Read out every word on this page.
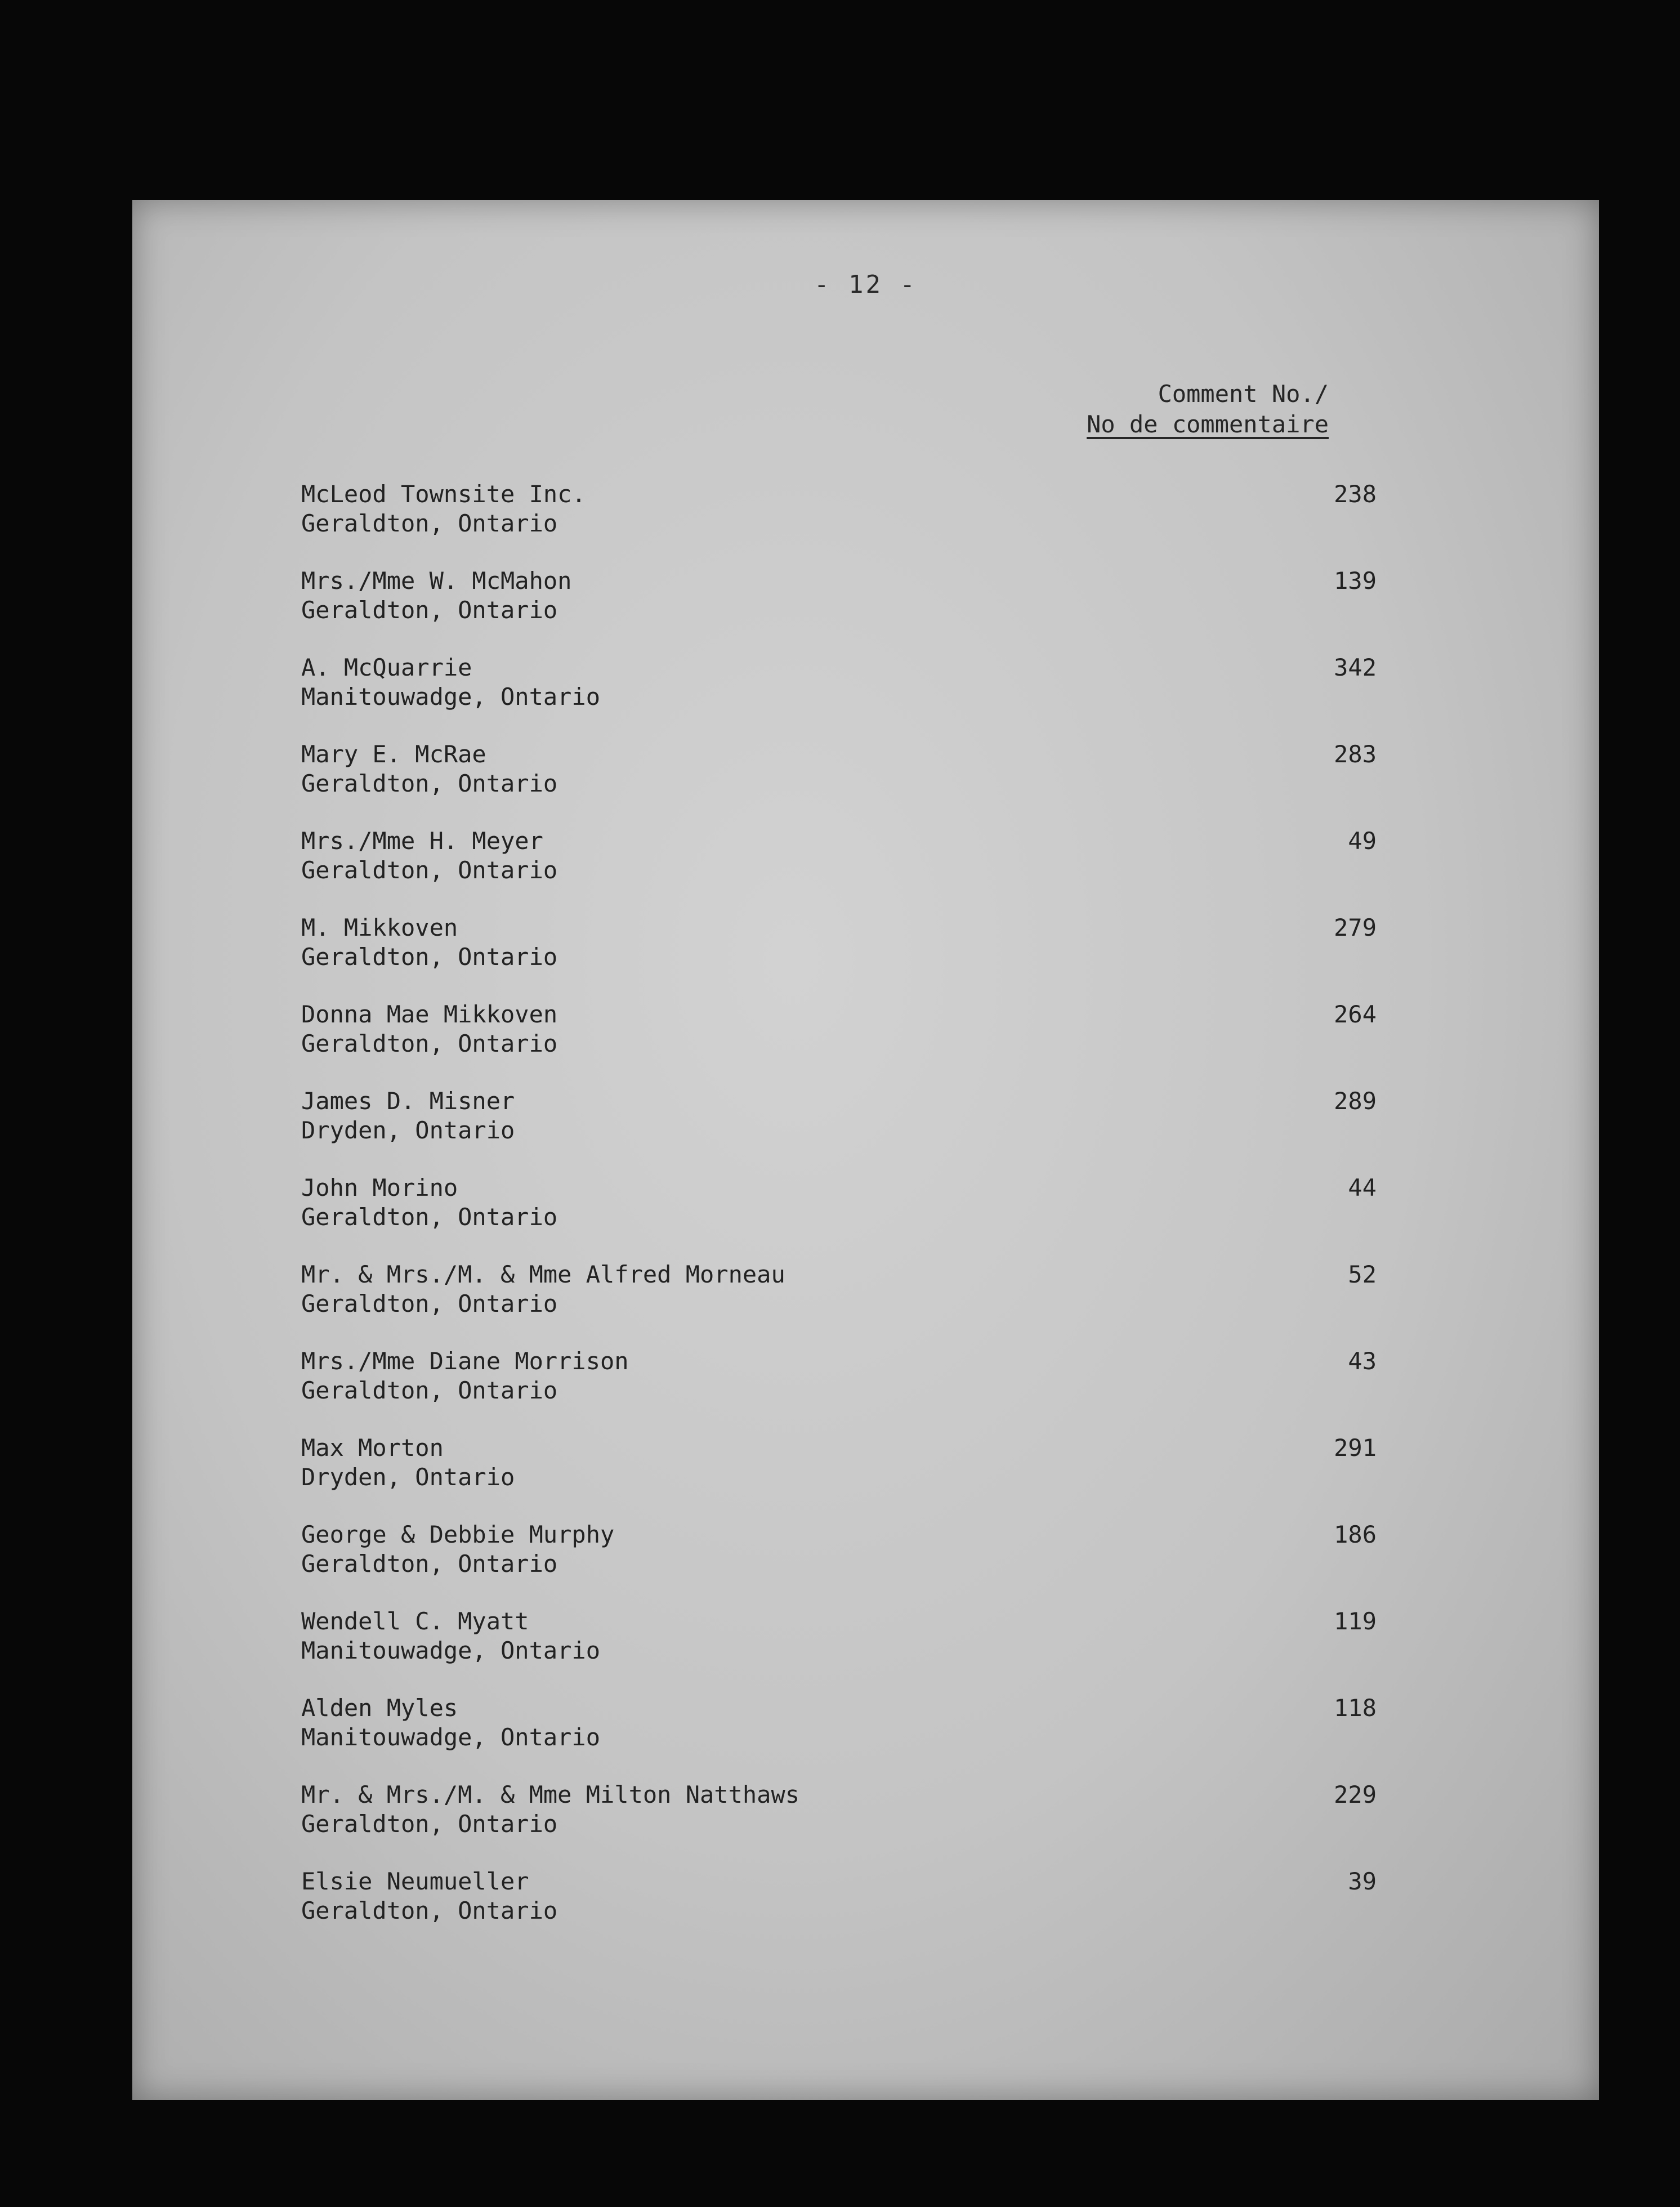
- 12 -
Comment No./
No de commentaire
McLeod Townsite Inc.
Geraldton, Ontario
238
Mrs./Mme W. McMahon
Geraldton, Ontario
139
A. McQuarrie
Manitouwadge, Ontario
342
Mary E. McRae
Geraldton, Ontario
283
Mrs./Mme H. Meyer
Geraldton, Ontario
49
M. Mikkoven
Geraldton, Ontario
279
Donna Mae Mikkoven
Geraldton, Ontario
264
James D. Misner
Dryden, Ontario
289
John Morino
Geraldton, Ontario
44
Mr. & Mrs./M. & Mme Alfred Morneau
Geraldton, Ontario
52
Mrs./Mme Diane Morrison
Geraldton, Ontario
43
Max Morton
Dryden, Ontario
291
George & Debbie Murphy
Geraldton, Ontario
186
Wendell C. Myatt
Manitouwadge, Ontario
119
Alden Myles
Manitouwadge, Ontario
118
Mr. & Mrs./M. & Mme Milton Natthaws
Geraldton, Ontario
229
Elsie Neumueller
Geraldton, Ontario
39
